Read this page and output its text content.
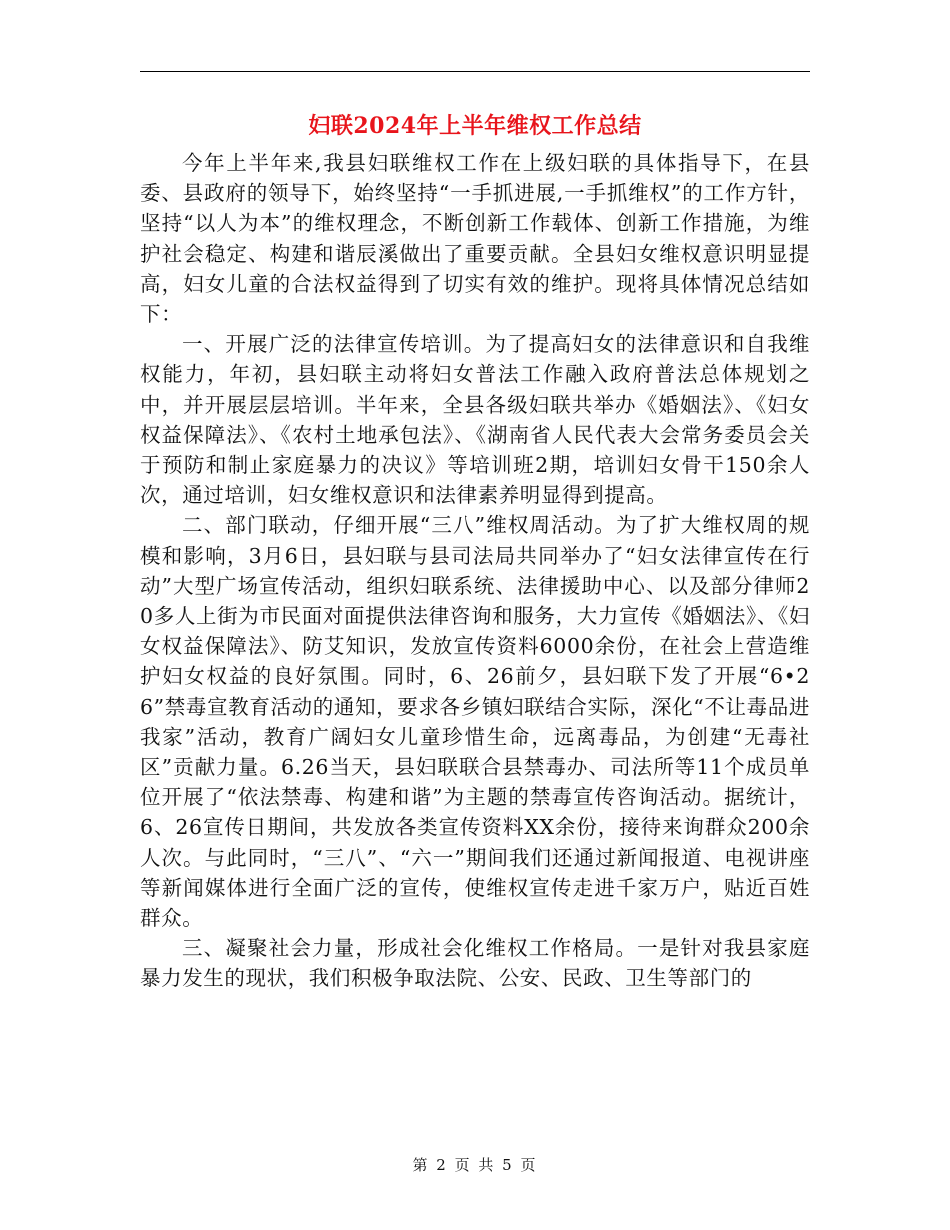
妇联2024年上半年维权工作总结

今年上半年来,我县妇联维权工作在上级妇联的具体指导下，在县委、县政府的领导下，始终坚持“一手抓进展,一手抓维权”的工作方针，坚持“以人为本”的维权理念，不断创新工作载体、创新工作措施，为维护社会稳定、构建和谐辰溪做出了重要贡献。全县妇女维权意识明显提高，妇女儿童的合法权益得到了切实有效的维护。现将具体情况总结如下：

一、开展广泛的法律宣传培训。为了提高妇女的法律意识和自我维权能力，年初，县妇联主动将妇女普法工作融入政府普法总体规划之中，并开展层层培训。半年来，全县各级妇联共举办《婚姻法》、《妇女权益保障法》、《农村土地承包法》、《湖南省人民代表大会常务委员会关于预防和制止家庭暴力的决议》等培训班2期，培训妇女骨干150余人次，通过培训，妇女维权意识和法律素养明显得到提高。

二、部门联动，仔细开展“三八”维权周活动。为了扩大维权周的规模和影响，3月6日，县妇联与县司法局共同举办了“妇女法律宣传在行动”大型广场宣传活动，组织妇联系统、法律援助中心、以及部分律师20多人上街为市民面对面提供法律咨询和服务，大力宣传《婚姻法》、《妇女权益保障法》、防艾知识，发放宣传资料6000余份，在社会上营造维护妇女权益的良好氛围。同时，6、26前夕，县妇联下发了开展“6•26”禁毒宣教育活动的通知，要求各乡镇妇联结合实际，深化“不让毒品进我家”活动，教育广阔妇女儿童珍惜生命，远离毒品，为创建“无毒社区”贡献力量。6.26当天，县妇联联合县禁毒办、司法所等11个成员单位开展了“依法禁毒、构建和谐”为主题的禁毒宣传咨询活动。据统计，6、26宣传日期间，共发放各类宣传资料XX余份，接待来询群众200余人次。与此同时，“三八”、“六一”期间我们还通过新闻报道、电视讲座等新闻媒体进行全面广泛的宣传，使维权宣传走进千家万户，贴近百姓群众。

三、凝聚社会力量，形成社会化维权工作格局。一是针对我县家庭暴力发生的现状，我们积极争取法院、公安、民政、卫生等部门的

第 2 页 共 5 页
